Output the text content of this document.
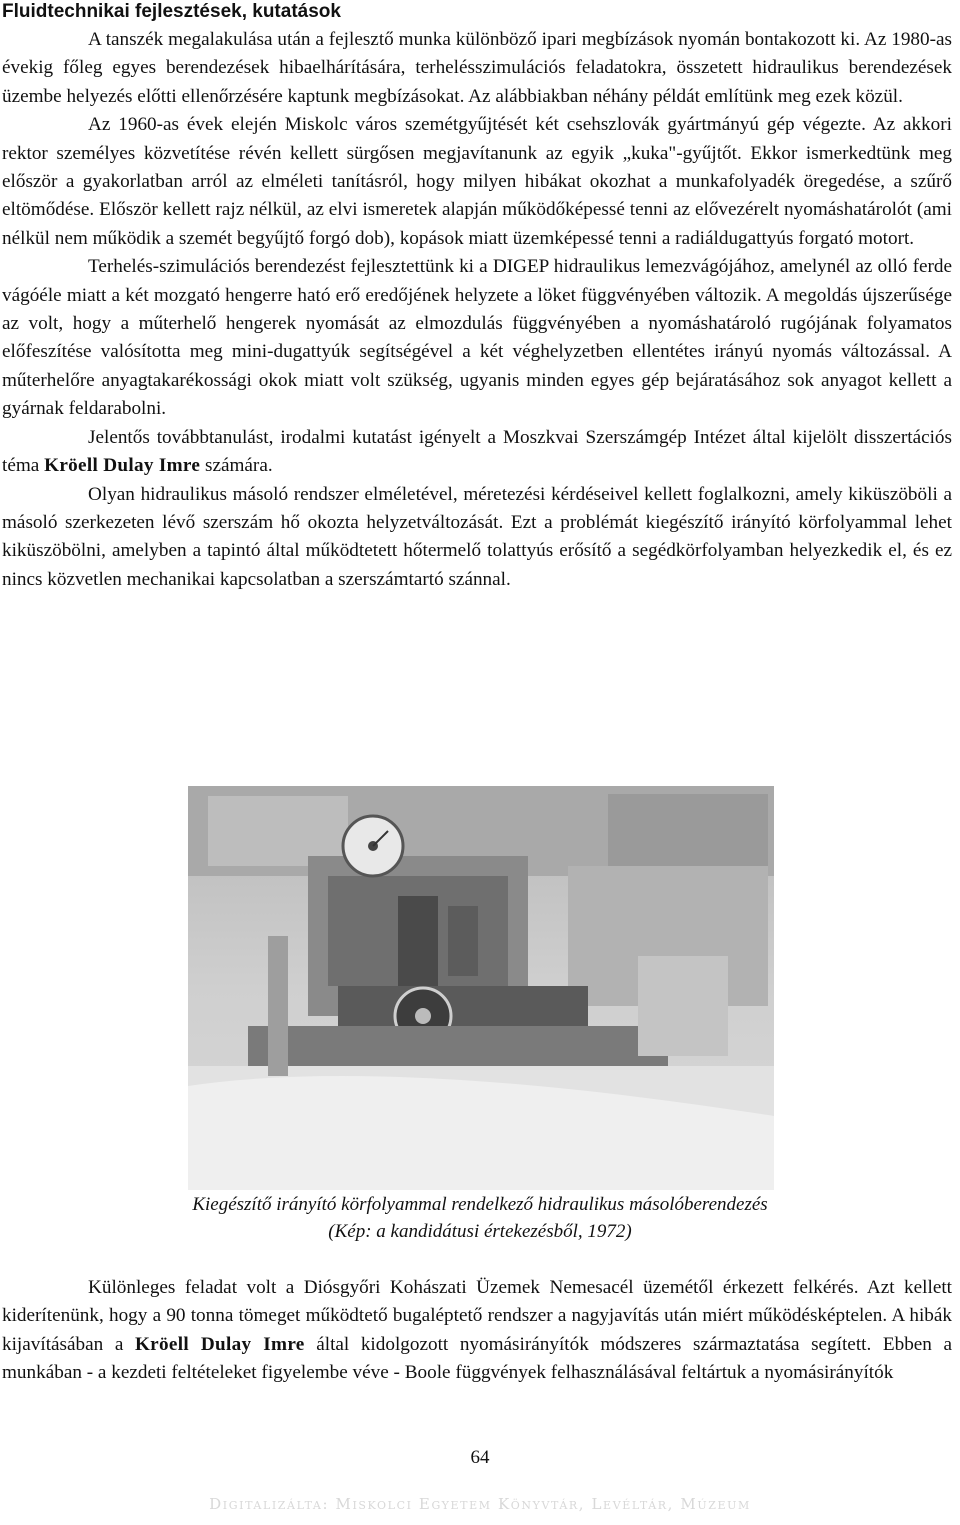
Fluidtechnikai fejlesztések, kutatások

A tanszék megalakulása után a fejlesztő munka különböző ipari megbízások nyomán bontakozott ki. Az 1980-as évekig főleg egyes berendezések hibaelhárítására, terhelésszimulációs feladatokra, összetett hidraulikus berendezések üzembe helyezés előtti ellenőrzésére kaptunk megbízásokat. Az alábbiakban néhány példát említünk meg ezek közül.

Az 1960-as évek elején Miskolc város szemétgyűjtését két csehszlovák gyártmányú gép végezte. Az akkori rektor személyes közvetítése révén kellett sürgősen megjavítanunk az egyik „kuka"-gyűjtőt. Ekkor ismerkedtünk meg először a gyakorlatban arról az elméleti tanításról, hogy milyen hibákat okozhat a munkafolyadék öregedése, a szűrő eltömődése. Először kellett rajz nélkül, az elvi ismeretek alapján működőképessé tenni az elővezérelt nyomáshatárolót (ami nélkül nem működik a szemét begyűjtő forgó dob), kopások miatt üzemképessé tenni a radiáldugattyús forgató motort.

Terhelés-szimulációs berendezést fejlesztettünk ki a DIGEP hidraulikus lemezvágójához, amelynél az olló ferde vágóéle miatt a két mozgató hengerre ható erő eredőjének helyzete a löket függvényében változik. A megoldás újszerűsége az volt, hogy a műterhelő hengerek nyomását az elmozdulás függvényében a nyomáshatároló rugójának folyamatos előfeszítése valósította meg mini-dugattyúk segítségével a két véghelyzetben ellentétes irányú nyomás változással. A műterhelőre anyagtakarékossági okok miatt volt szükség, ugyanis minden egyes gép bejáratásához sok anyagot kellett a gyárnak feldarabolni.

Jelentős továbbtanulást, irodalmi kutatást igényelt a Moszkvai Szerszámgép Intézet által kijelölt disszertációs téma Kröell Dulay Imre számára.

Olyan hidraulikus másoló rendszer elméletével, méretezési kérdéseivel kellett foglalkozni, amely kiküszöböli a másoló szerkezeten lévő szerszám hő okozta helyzetváltozását. Ezt a problémát kiegészítő irányító körfolyammal lehet kiküszöbölni, amelyben a tapintó által működtetett hőtermelő tolattyús erősítő a segédkörfolyamban helyezkedik el, és ez nincs közvetlen mechanikai kapcsolatban a szerszámtartó szánnal.

Kiegészítő irányító körfolyammal rendelkező hidraulikus másolóberendezés
(Kép: a kandidátusi értekezésből, 1972)

Különleges feladat volt a Diósgyőri Kohászati Üzemek Nemesacél üzemétől érkezett felkérés. Azt kellett kiderítenünk, hogy a 90 tonna tömeget működtető bugaléptető rendszer a nagyjavítás után miért működésképtelen. A hibák kijavításában a Kröell Dulay Imre által kidolgozott nyomásirányítók módszeres származtatása segített. Ebben a munkában - a kezdeti feltételeket figyelembe véve - Boole függvények felhasználásával feltártuk a nyomásirányítók

64
Digitalizálta: Miskolci Egyetem Könyvtár, Levéltár, Múzeum
